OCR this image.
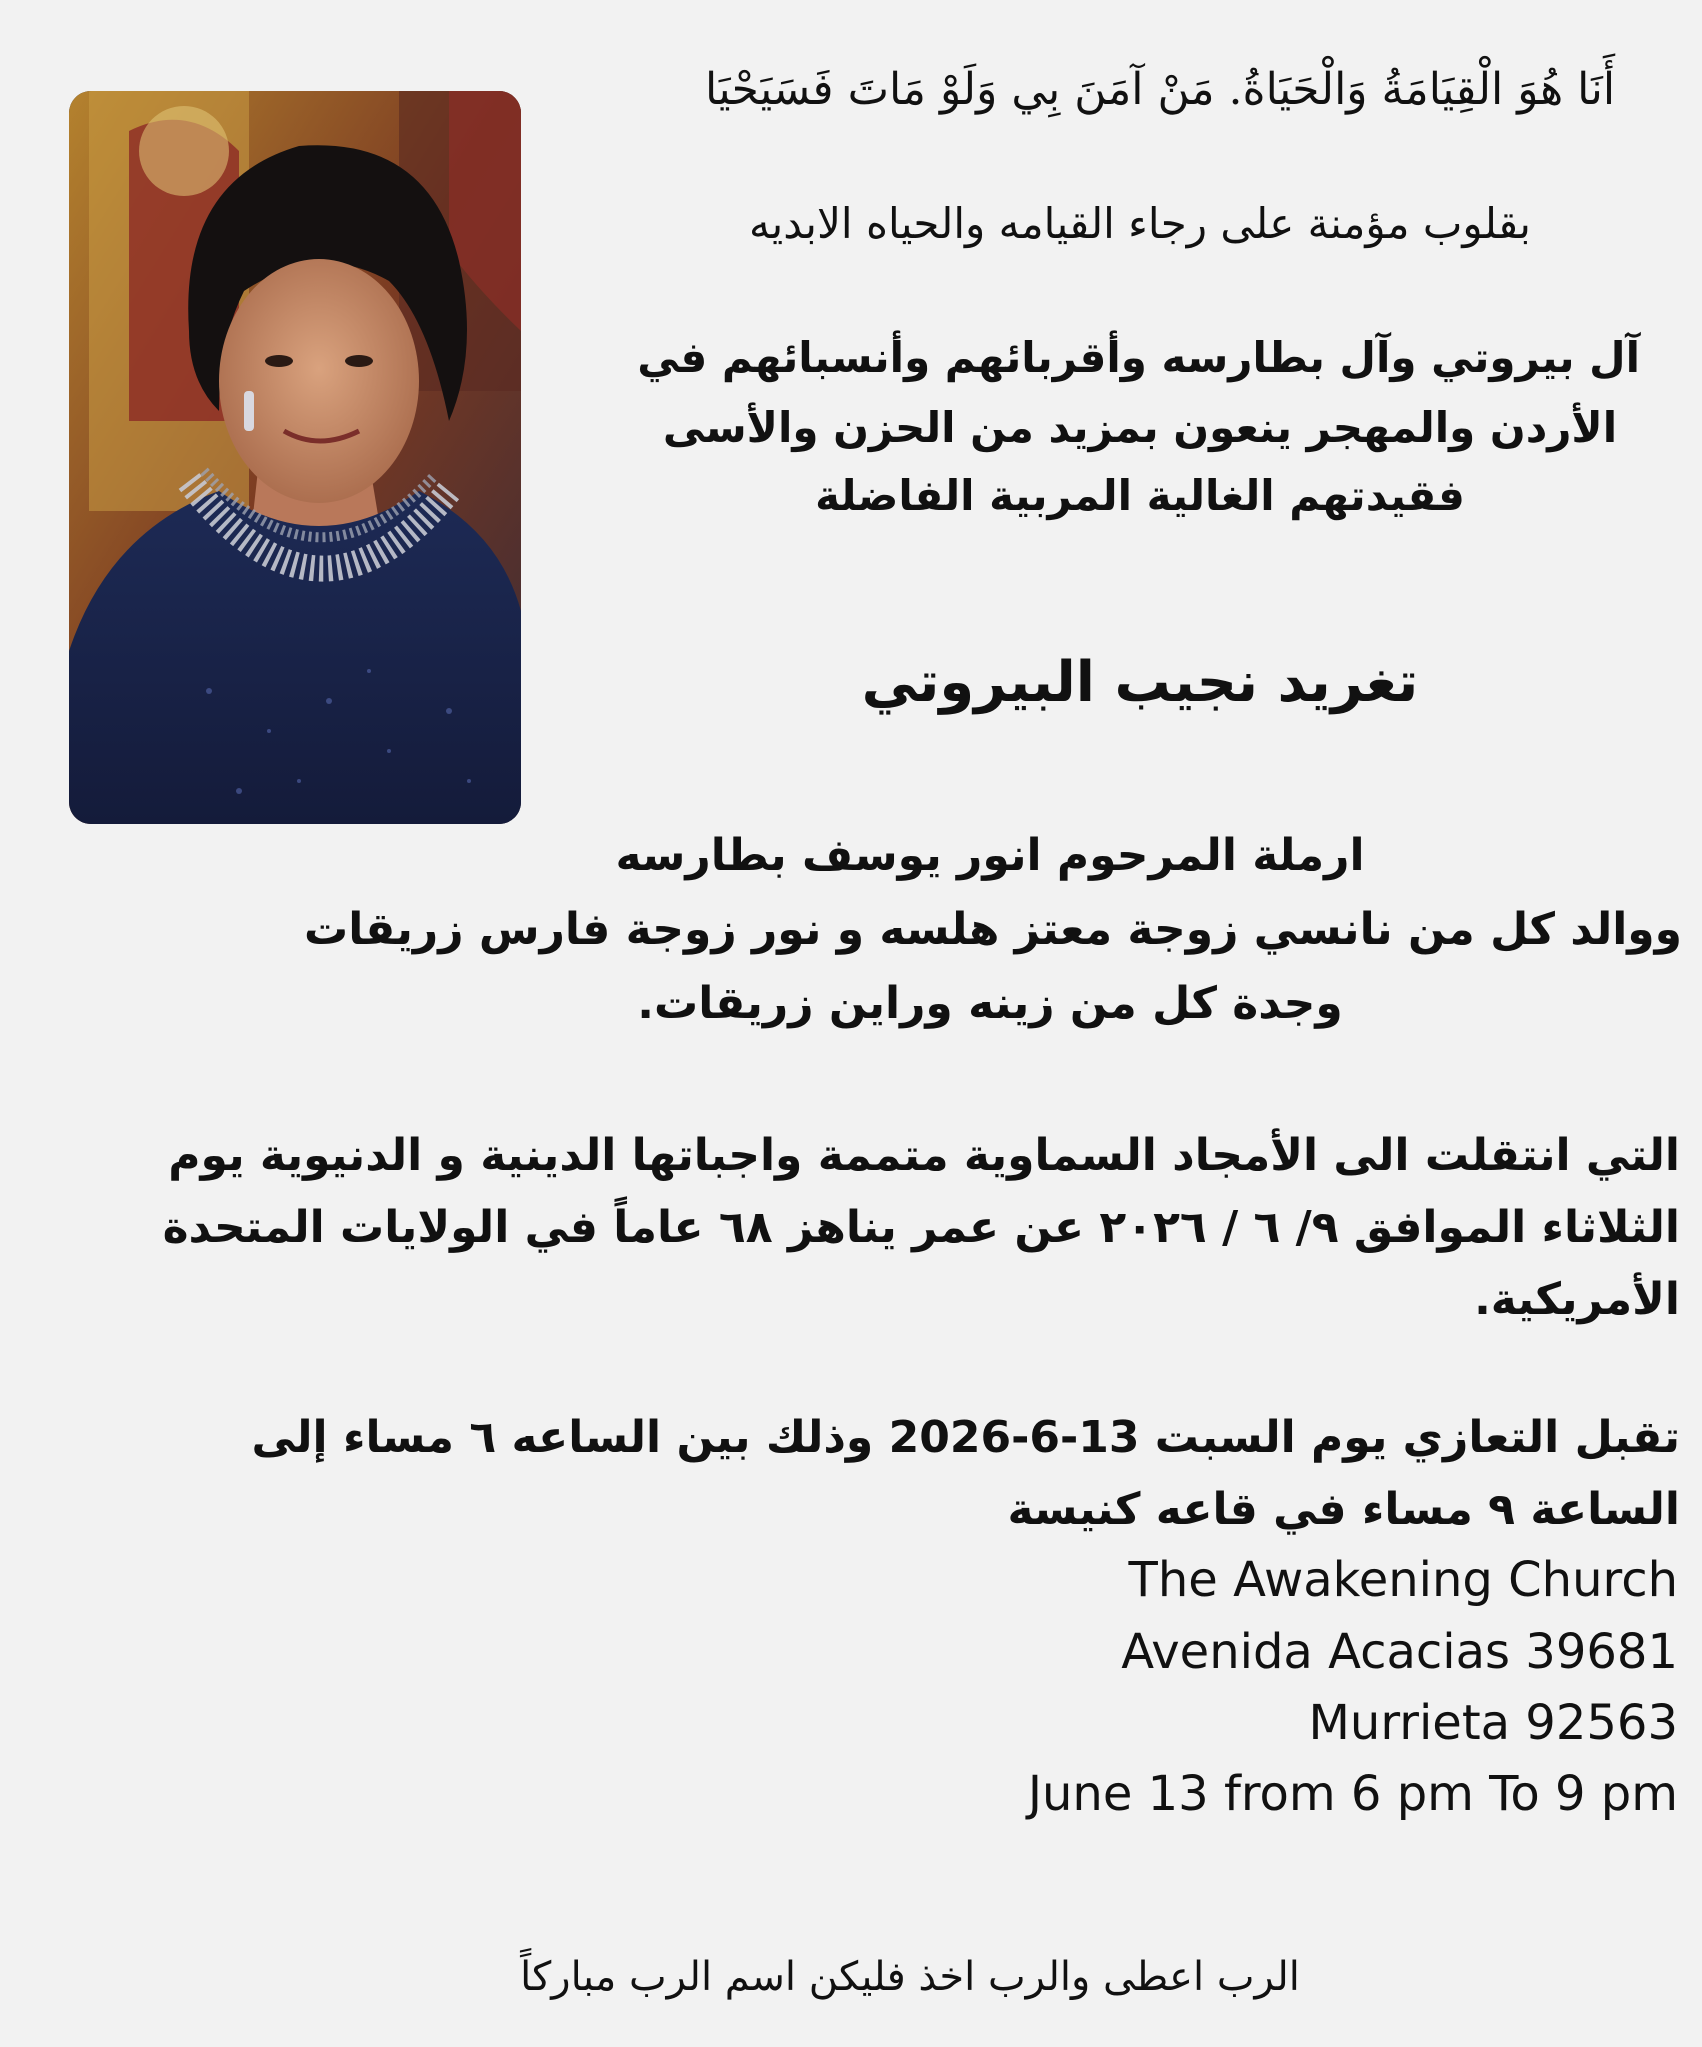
أَنَا هُوَ الْقِيَامَةُ وَالْحَيَاةُ. مَنْ آمَنَ بِي وَلَوْ مَاتَ فَسَيَحْيَا
بقلوب مؤمنة على رجاء القيامه والحياه الابديه
آل بيروتي وآل بطارسه وأقربائهم وأنسبائهم في
الأردن والمهجر ينعون بمزيد من الحزن والأسى
فقيدتهم الغالية المربية الفاضلة
تغريد نجيب البيروتي
ارملة المرحوم انور يوسف بطارسه
ووالد كل من نانسي زوجة معتز هلسه و نور زوجة فارس زريقات
وجدة كل من زينه وراين زريقات.
التي انتقلت الى الأمجاد السماوية متممة واجباتها الدينية و الدنيوية يوم
الثلاثاء الموافق ٩/ ٦ / ٢٠٢٦ عن عمر يناهز ٦٨ عاماً في الولايات المتحدة
الأمريكية.
تقبل التعازي يوم السبت 13-6-2026 وذلك بين الساعه ٦ مساء إلى
الساعة ٩ مساء في قاعه كنيسة
The Awakening Church
Avenida Acacias 39681
Murrieta 92563
June 13 from 6 pm To 9 pm
الرب اعطى والرب اخذ فليكن اسم الرب مباركاً
